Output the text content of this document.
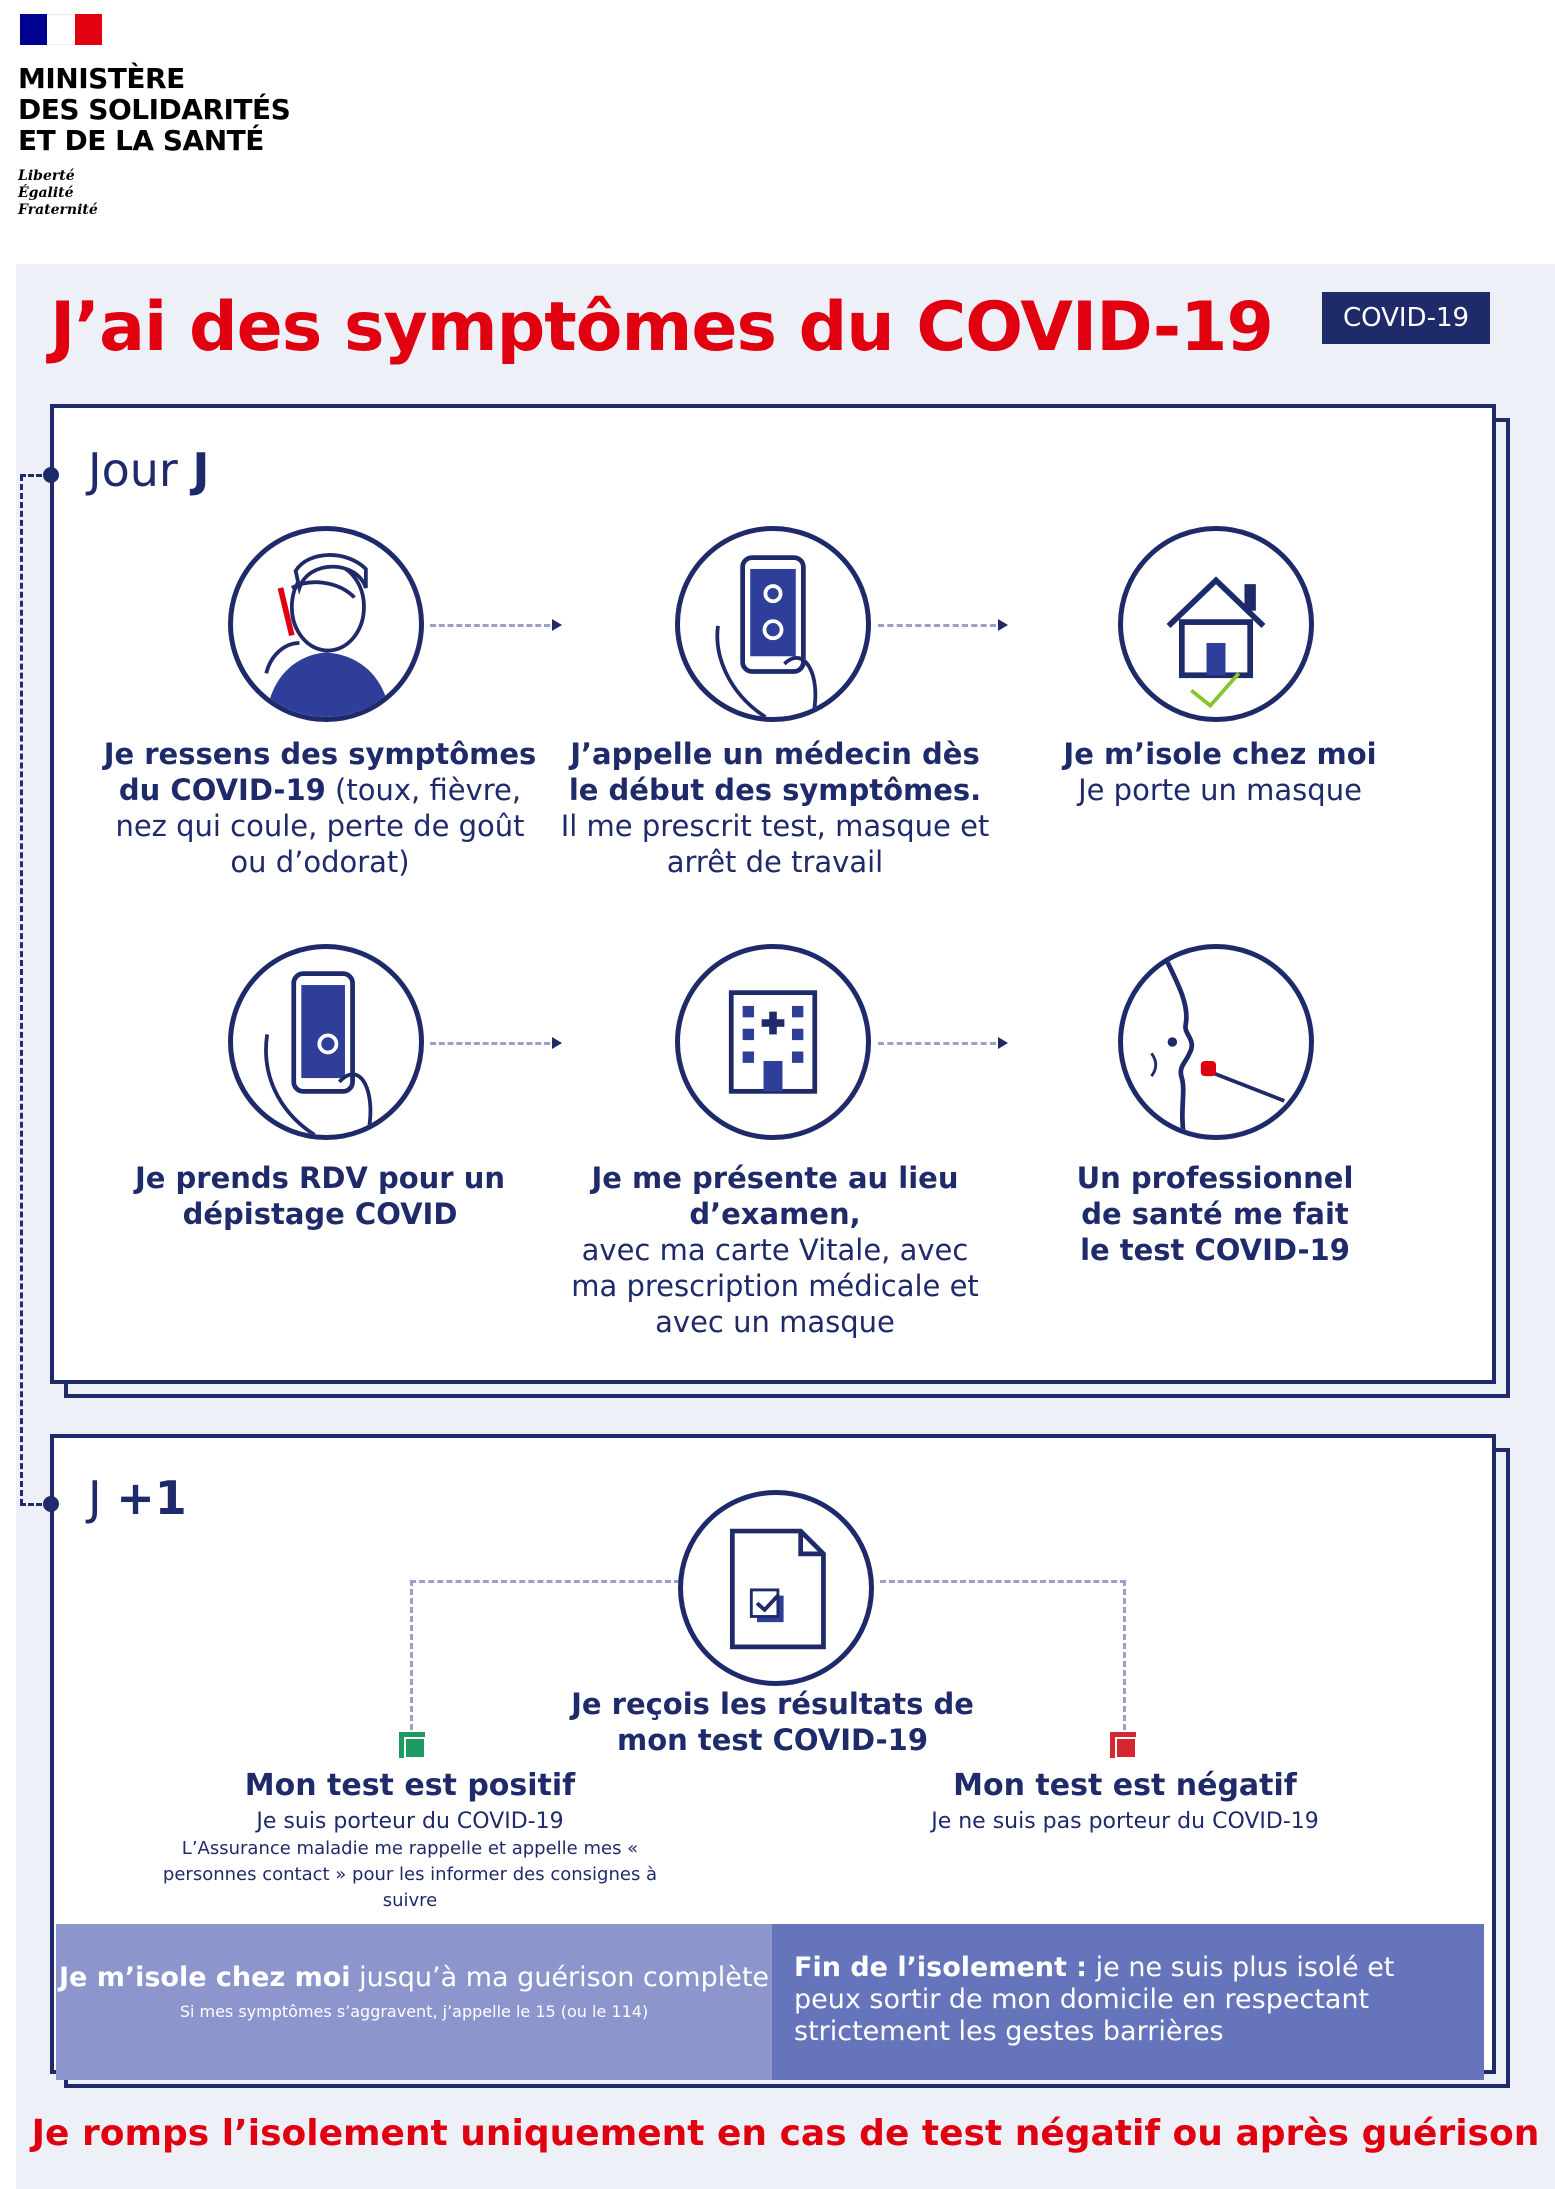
MINISTÈRE
DES SOLIDARITÉS
ET DE LA SANTÉ
Liberté
Égalité
Fraternité
J’ai des symptômes du COVID-19	COVID-19
Jour J
Je ressens des symptômes du COVID-19 (toux, fièvre, nez qui coule, perte de goût ou d’odorat)
J’appelle un médecin dès le début des symptômes.
Il me prescrit test, masque et arrêt de travail
Je m’isole chez moi
Je porte un masque
Je prends RDV pour un dépistage COVID
Je me présente au lieu d’examen,
avec ma carte Vitale, avec ma prescription médicale et avec un masque
Un professionnel de santé me fait le test COVID-19
J +1
Je reçois les résultats de mon test COVID-19
Mon test est positif
Je suis porteur du COVID-19
L’Assurance maladie me rappelle et appelle mes « personnes contact » pour les informer des consignes à suivre
Mon test est négatif
Je ne suis pas porteur du COVID-19
Je m’isole chez moi jusqu’à ma guérison complète
Si mes symptômes s’aggravent, j’appelle le 15 (ou le 114)
Fin de l’isolement : je ne suis plus isolé et peux sortir de mon domicile en respectant strictement les gestes barrières
Je romps l’isolement uniquement en cas de test négatif ou après guérison
